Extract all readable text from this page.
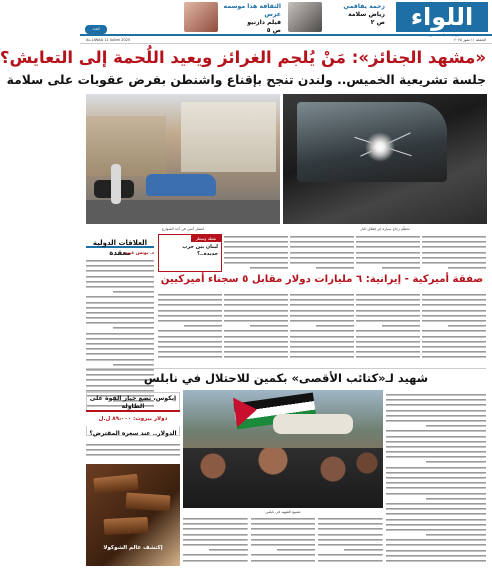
اللواء
يومية سياسية عربية
زحمة يفاقمي
رياض سلامة
ص ٢
الثقافة هذا موسمه عرس
فيلم دارنيو
ص ٥
العدد
الجمعة ١١ تموز ٢٠٢٥
AL-LIWAA 11 Juillet 2025
«مشهد الجنائز»: مَنْ يُلجم الغرائز ويعيد اللُحمة إلى التعايش؟
جلسة تشريعية الخميس.. ولندن تنجح بإقناع واشنطن بفرض عقوبات على سلامة
تحطّم زجاج سيارة إثر إطلاق النار
انتشار أمني في أحد الشوارع
نقطة وسطر
لبنان بين حرب جديدة..؟
العلاقات الدولية معقدة
د. يونس عبيد
صفقة أميركية - إيرانية: ٦ مليارات دولار مقابل ٥ سجناء أميركيين
شهيد لـ«كتائب الأقصى» بكمين للاحتلال في نابلس
تشييع الشهيد في نابلس
إيكوس، تضع خيار القوة على الطاولة
دولار بيروت: ٨٩،٠٠٠ ل.ل
الدولار.. عند سعره المقترض؟
إكتشف عالم الشوكولا
